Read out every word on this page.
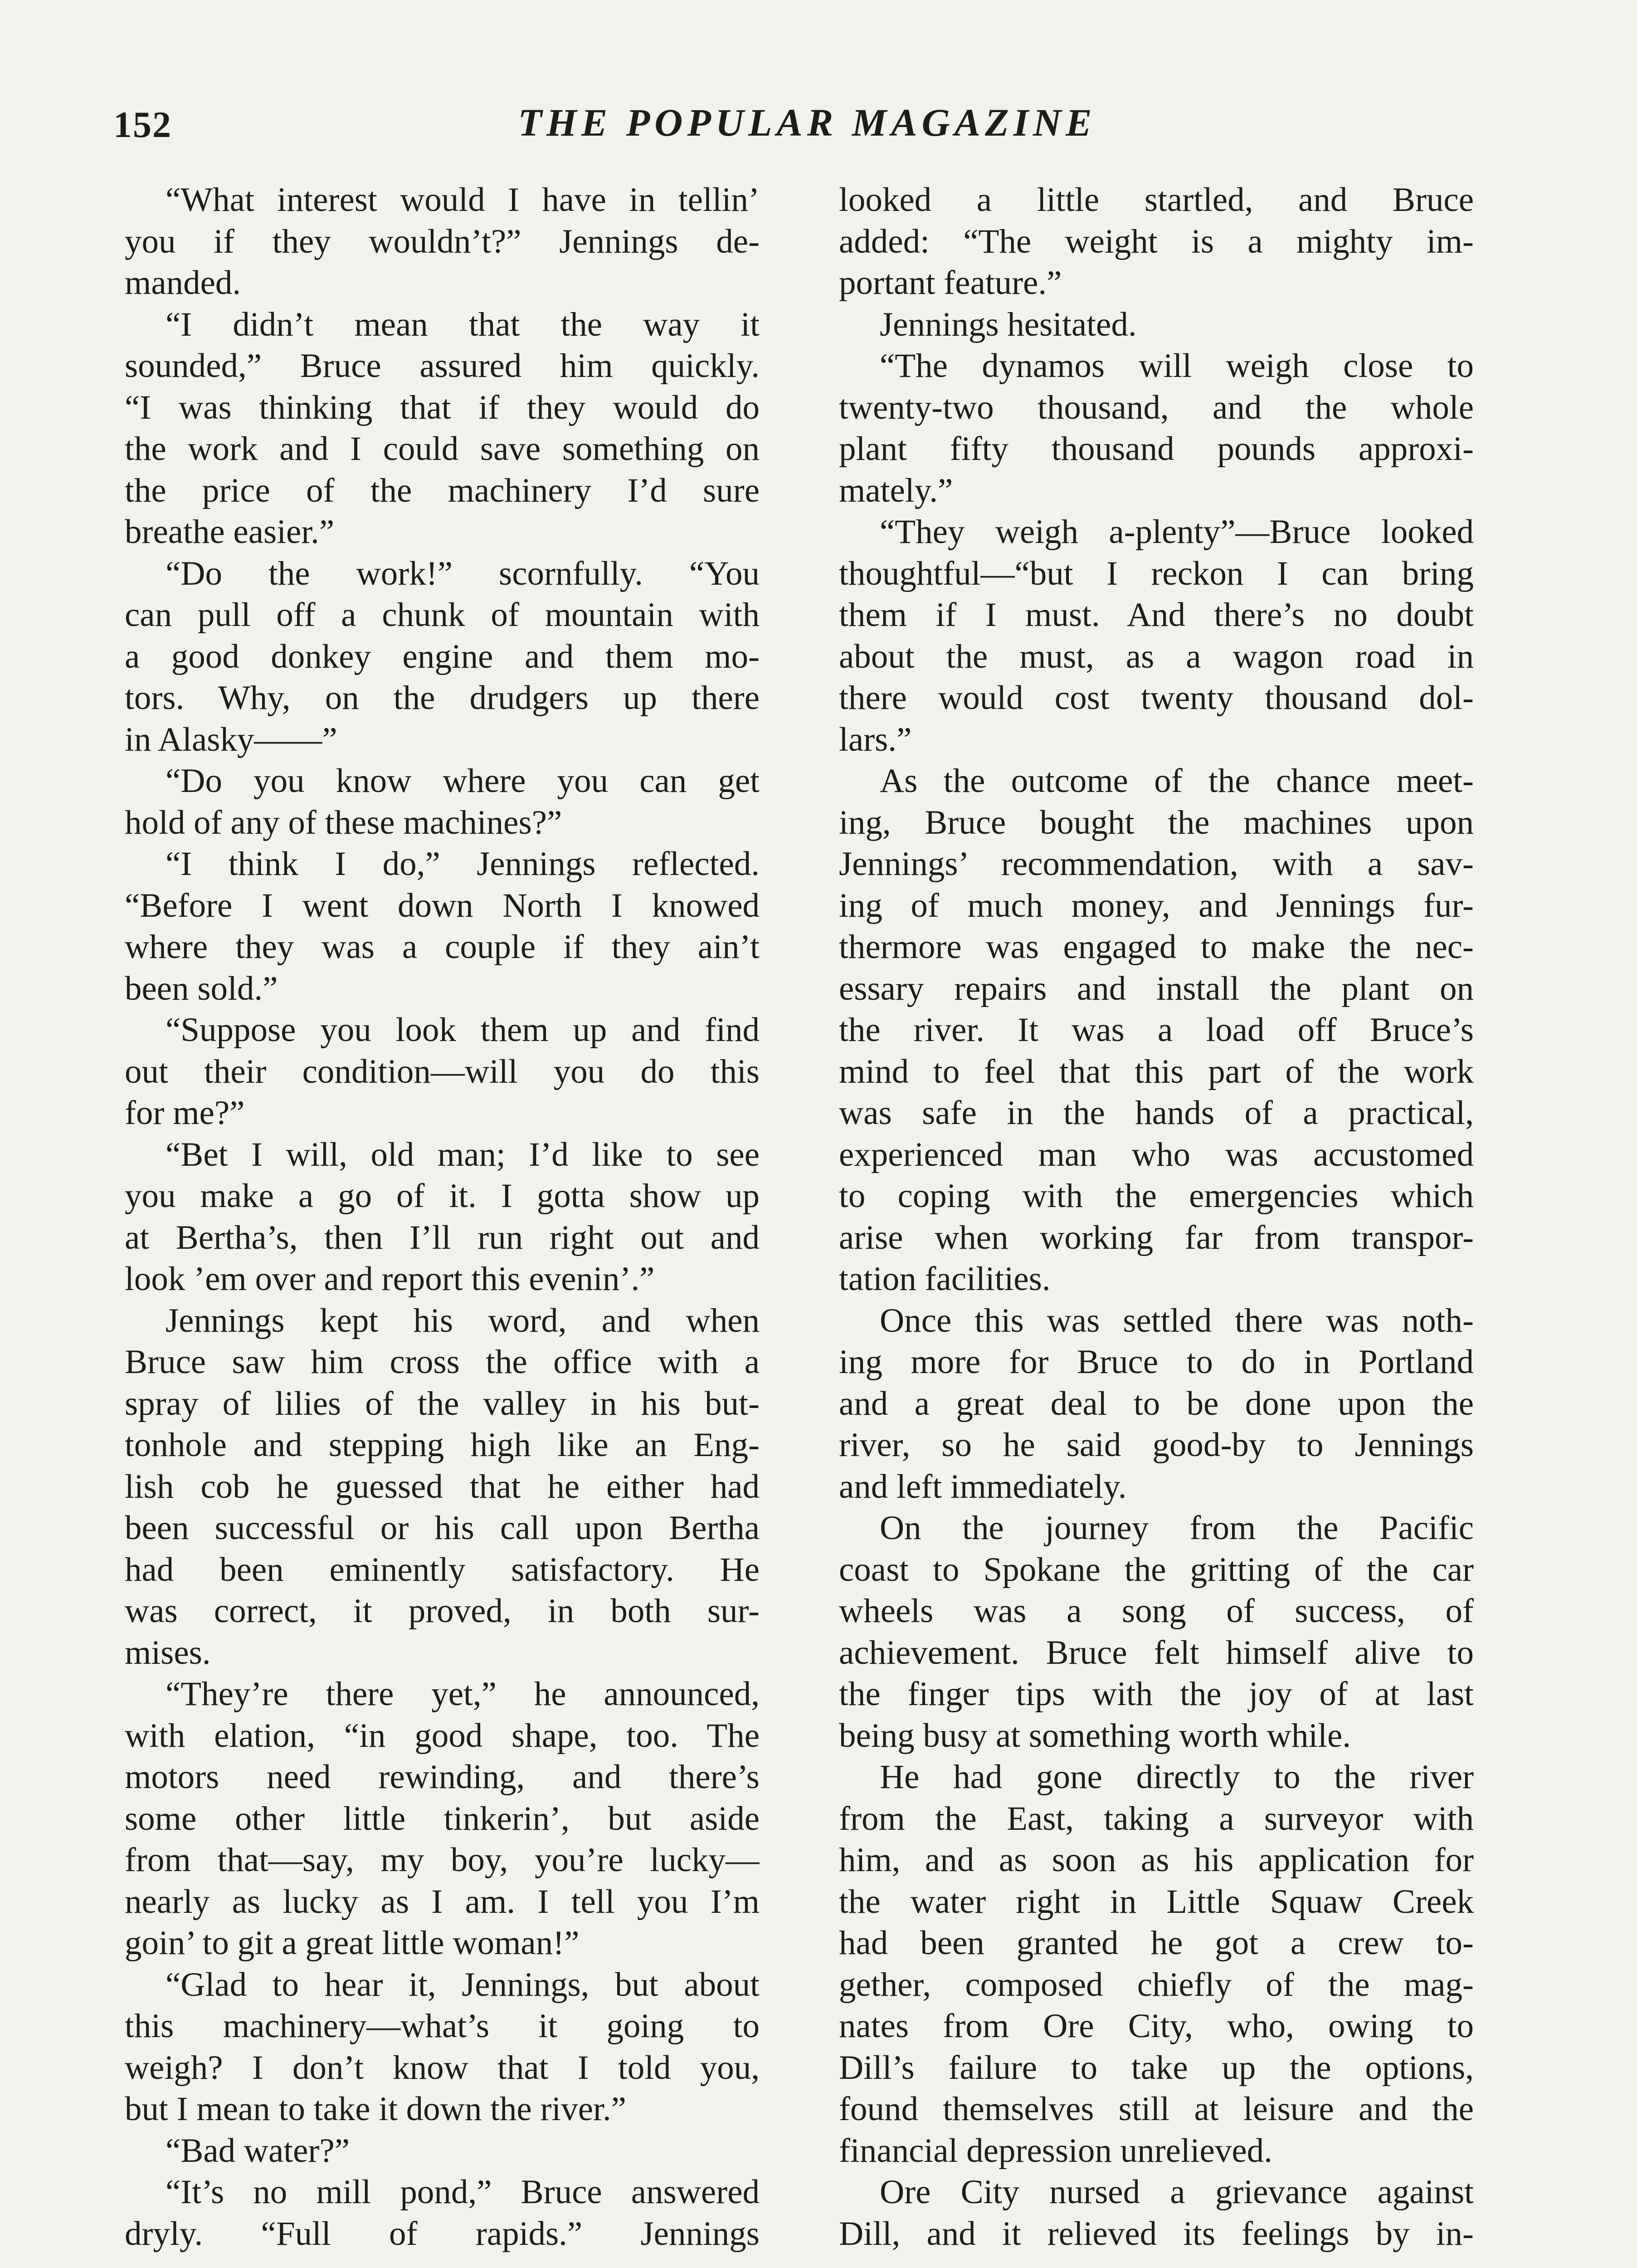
152	THE POPULAR MAGAZINE
“What interest would I have in tellin’
you if they wouldn’t?” Jennings de-
manded.
“I didn’t mean that the way it
sounded,” Bruce assured him quickly.
“I was thinking that if they would do
the work and I could save something on
the price of the machinery I’d sure
breathe easier.”
“Do the work!” scornfully. “You
can pull off a chunk of mountain with
a good donkey engine and them mo-
tors. Why, on the drudgers up there
in Alasky——”
“Do you know where you can get
hold of any of these machines?”
“I think I do,” Jennings reflected.
“Before I went down North I knowed
where they was a couple if they ain’t
been sold.”
“Suppose you look them up and find
out their condition—will you do this
for me?”
“Bet I will, old man; I’d like to see
you make a go of it. I gotta show up
at Bertha’s, then I’ll run right out and
look ’em over and report this evenin’.”
Jennings kept his word, and when
Bruce saw him cross the office with a
spray of lilies of the valley in his but-
tonhole and stepping high like an Eng-
lish cob he guessed that he either had
been successful or his call upon Bertha
had been eminently satisfactory. He
was correct, it proved, in both sur-
mises.
“They’re there yet,” he announced,
with elation, “in good shape, too. The
motors need rewinding, and there’s
some other little tinkerin’, but aside
from that—say, my boy, you’re lucky—
nearly as lucky as I am. I tell you I’m
goin’ to git a great little woman!”
“Glad to hear it, Jennings, but about
this machinery—what’s it going to
weigh? I don’t know that I told you,
but I mean to take it down the river.”
“Bad water?”
“It’s no mill pond,” Bruce answered
dryly. “Full of rapids.” Jennings
looked a little startled, and Bruce
added: “The weight is a mighty im-
portant feature.”
Jennings hesitated.
“The dynamos will weigh close to
twenty-two thousand, and the whole
plant fifty thousand pounds approxi-
mately.”
“They weigh a-plenty”—Bruce looked
thoughtful—“but I reckon I can bring
them if I must. And there’s no doubt
about the must, as a wagon road in
there would cost twenty thousand dol-
lars.”
As the outcome of the chance meet-
ing, Bruce bought the machines upon
Jennings’ recommendation, with a sav-
ing of much money, and Jennings fur-
thermore was engaged to make the nec-
essary repairs and install the plant on
the river. It was a load off Bruce’s
mind to feel that this part of the work
was safe in the hands of a practical,
experienced man who was accustomed
to coping with the emergencies which
arise when working far from transpor-
tation facilities.
Once this was settled there was noth-
ing more for Bruce to do in Portland
and a great deal to be done upon the
river, so he said good-by to Jennings
and left immediately.
On the journey from the Pacific
coast to Spokane the gritting of the car
wheels was a song of success, of
achievement. Bruce felt himself alive to
the finger tips with the joy of at last
being busy at something worth while.
He had gone directly to the river
from the East, taking a surveyor with
him, and as soon as his application for
the water right in Little Squaw Creek
had been granted he got a crew to-
gether, composed chiefly of the mag-
nates from Ore City, who, owing to
Dill’s failure to take up the options,
found themselves still at leisure and the
financial depression unrelieved.
Ore City nursed a grievance against
Dill, and it relieved its feelings by in-
